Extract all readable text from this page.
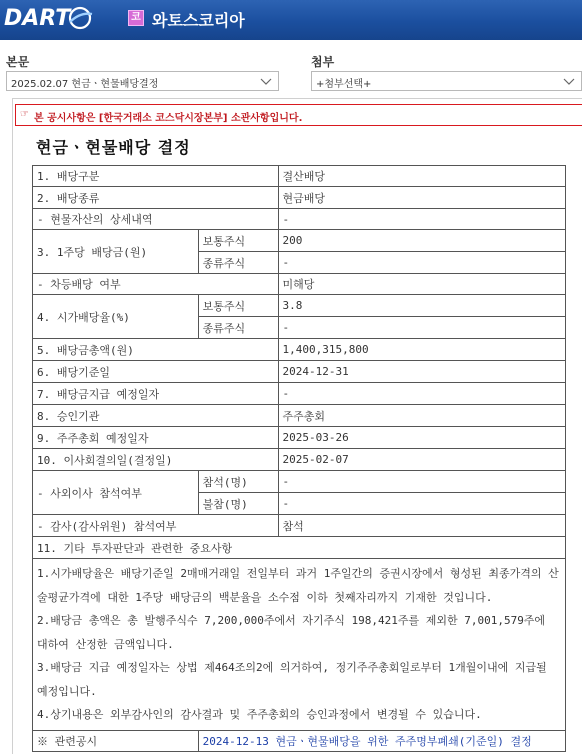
DART	코 와토스코리아
본문
2025.02.07 현금ㆍ현물배당결정
첨부
+첨부선택+
☞ 본 공시사항은 [한국거래소 코스닥시장본부] 소관사항입니다.
현금ㆍ현물배당 결정
1. 배당구분		결산배당
2. 배당종류		현금배당
- 현물자산의 상세내역		-
3. 1주당 배당금(원)	보통주식	200
	종류주식	-
- 차등배당 여부		미해당
4. 시가배당율(%)	보통주식	3.8
	종류주식	-
5. 배당금총액(원)		1,400,315,800
6. 배당기준일		2024-12-31
7. 배당금지급 예정일자		-
8. 승인기관		주주총회
9. 주주총회 예정일자		2025-03-26
10. 이사회결의일(결정일)		2025-02-07
- 사외이사 참석여부	참석(명)	-
	불참(명)	-
- 감사(감사위원) 참석여부		참석
11. 기타 투자판단과 관련한 중요사항		

1.시가배당율은 배당기준일 2매매거래일 전일부터 과거 1주일간의 증권시장에서 형성된 최종가격의 산술평균가격에 대한 1주당 배당금의 백분율을 소수점 이하 첫째자리까지 기재한 것입니다.
2.배당금 총액은 총 발행주식수 7,200,000주에서 자기주식 198,421주를 제외한 7,001,579주에 대하여 산정한 금액입니다.
3.배당금 지급 예정일자는 상법 제464조의2에 의거하여, 정기주주총회일로부터 1개월이내에 지급될 예정입니다.
4.상기내용은 외부감사인의 감사결과 및 주주총회의 승인과정에서 변경될 수 있습니다.		

※ 관련공시	2024-12-13 현금ㆍ현물배당을 위한 주주명부폐쇄(기준일) 결정	
